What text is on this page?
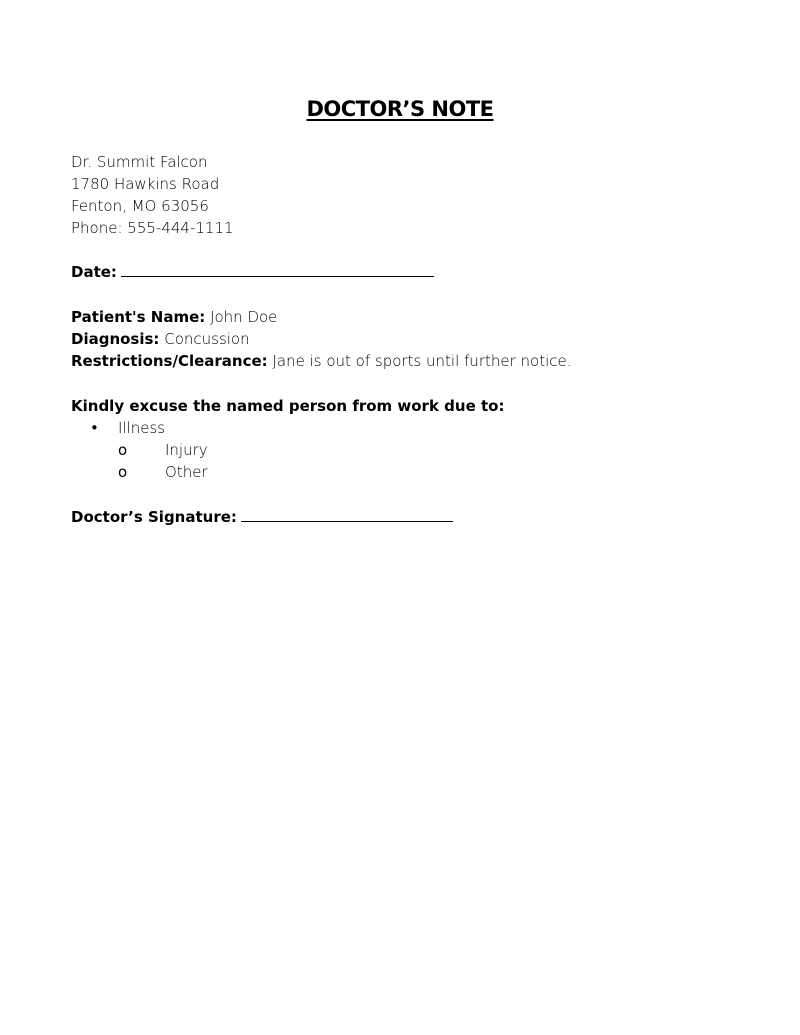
DOCTOR’S NOTE
Dr. Summit Falcon
1780 Hawkins Road
Fenton, MO 63056
Phone: 555-444-1111
Date:
Patient's Name: John Doe
Diagnosis: Concussion
Restrictions/Clearance: Jane is out of sports until further notice.
Kindly excuse the named person from work due to:
• Illness
o	Injury
o	Other
Doctor’s Signature:
